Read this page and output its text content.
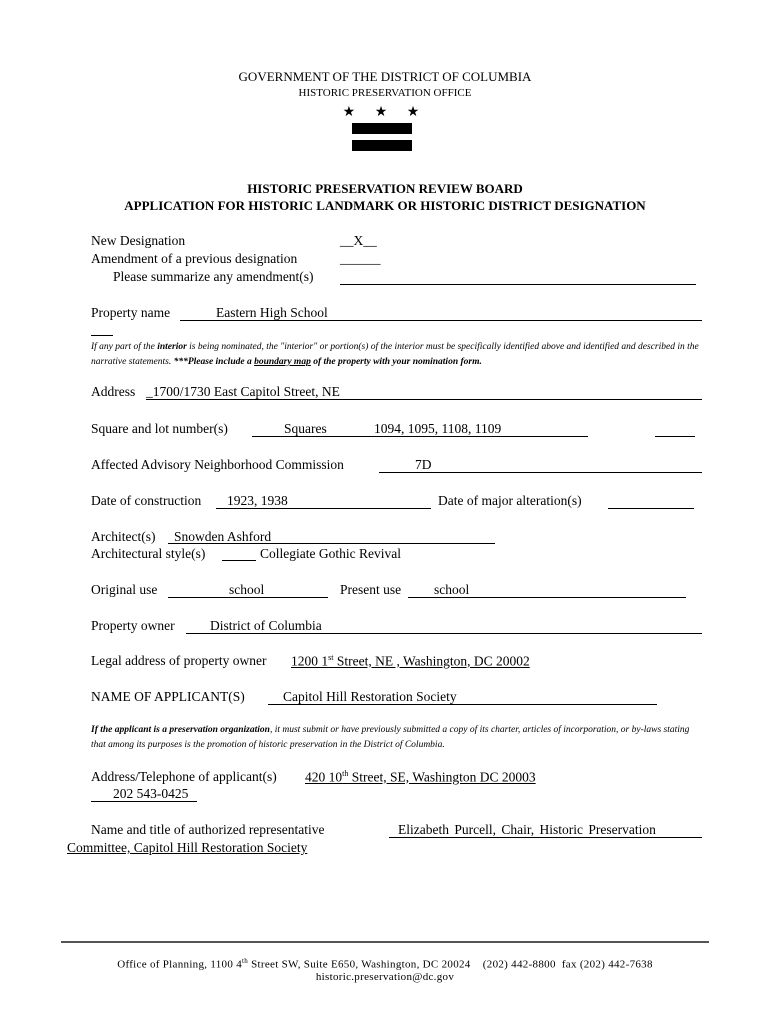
GOVERNMENT OF THE DISTRICT OF COLUMBIA
HISTORIC PRESERVATION OFFICE
★ ★ ★
HISTORIC PRESERVATION REVIEW BOARD
APPLICATION FOR HISTORIC LANDMARK OR HISTORIC DISTRICT DESIGNATION
New Designation	__X__
Amendment of a previous designation	______
Please summarize any amendment(s)
Property name	Eastern High School
If any part of the interior is being nominated, the "interior" or portion(s) of the interior must be specifically identified above and identified and described in the narrative statements. ***Please include a boundary map of the property with your nomination form.
Address _1700/1730 East Capitol Street, NE
Square and lot number(s)	Squares	1094, 1095, 1108, 1109
Affected Advisory Neighborhood Commission	7D
Date of construction 1923, 1938	Date of major alteration(s)
Architect(s) Snowden Ashford
Architectural style(s)	Collegiate Gothic Revival
Original use	school	Present use school
Property owner	District of Columbia
Legal address of property owner 1200 1st Street, NE , Washington, DC 20002
NAME OF APPLICANT(S)	Capitol Hill Restoration Society
If the applicant is a preservation organization, it must submit or have previously submitted a copy of its charter, articles of incorporation, or by-laws stating that among its purposes is the promotion of historic preservation in the District of Columbia.
Address/Telephone of applicant(s) 420 10th Street, SE, Washington DC 20003
202 543-0425
Name and title of authorized representative	Elizabeth Purcell, Chair, Historic Preservation
Committee, Capitol Hill Restoration Society
Office of Planning, 1100 4th Street SW, Suite E650, Washington, DC 20024    (202) 442-8800  fax (202) 442-7638
historic.preservation@dc.gov
